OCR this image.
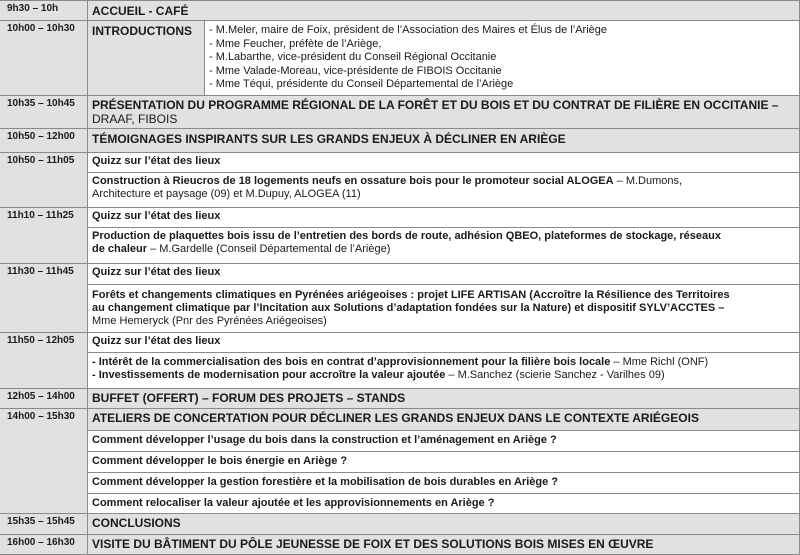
9h30 – 10h	ACCUEIL - CAFÉ
10h00 – 10h30	INTRODUCTIONS	- M.Meler, maire de Foix, président de l’Association des Maires et Élus de l’Ariège
- Mme Feucher, préfète de l’Ariège,
- M.Labarthe, vice-président du Conseil Régional Occitanie
- Mme Valade-Moreau, vice-présidente de FIBOIS Occitanie
- Mme Téqui, présidente du Conseil Départemental de l’Ariège
10h35 – 10h45	PRÉSENTATION DU PROGRAMME RÉGIONAL DE LA FORÊT ET DU BOIS ET DU CONTRAT DE FILIÈRE EN OCCITANIE –
DRAAF, FIBOIS
10h50 – 12h00	TÉMOIGNAGES INSPIRANTS SUR LES GRANDS ENJEUX À DÉCLINER EN ARIÈGE
10h50 – 11h05	Quizz sur l’état des lieux
Construction à Rieucros de 18 logements neufs en ossature bois pour le promoteur social ALOGEA – M.Dumons,
Architecture et paysage (09) et M.Dupuy, ALOGEA (11)
11h10 – 11h25	Quizz sur l’état des lieux
Production de plaquettes bois issu de l’entretien des bords de route, adhésion QBEO, plateformes de stockage, réseaux
de chaleur – M.Gardelle (Conseil Départemental de l’Ariège)
11h30 – 11h45	Quizz sur l’état des lieux
Forêts et changements climatiques en Pyrénées ariégeoises : projet LIFE ARTISAN (Accroître la Résilience des Territoires
au changement climatique par l’Incitation aux Solutions d’adaptation fondées sur la Nature) et dispositif SYLV’ACCTES –
Mme Hemeryck (Pnr des Pyrénées Ariégeoises)
11h50 – 12h05	Quizz sur l’état des lieux
- Intérêt de la commercialisation des bois en contrat d’approvisionnement pour la filière bois locale – Mme Richl (ONF)
- Investissements de modernisation pour accroître la valeur ajoutée – M.Sanchez (scierie Sanchez - Varilhes 09)
12h05 – 14h00	BUFFET (OFFERT) – FORUM DES PROJETS – STANDS
14h00 – 15h30	ATELIERS DE CONCERTATION POUR DÉCLINER LES GRANDS ENJEUX DANS LE CONTEXTE ARIÉGEOIS
Comment développer l’usage du bois dans la construction et l’aménagement en Ariège ?
Comment développer le bois énergie en Ariège ?
Comment développer la gestion forestière et la mobilisation de bois durables en Ariège ?
Comment relocaliser la valeur ajoutée et les approvisionnements en Ariège ?
15h35 – 15h45	CONCLUSIONS
16h00 – 16h30	VISITE DU BÂTIMENT DU PÔLE JEUNESSE DE FOIX ET DES SOLUTIONS BOIS MISES EN ŒUVRE
